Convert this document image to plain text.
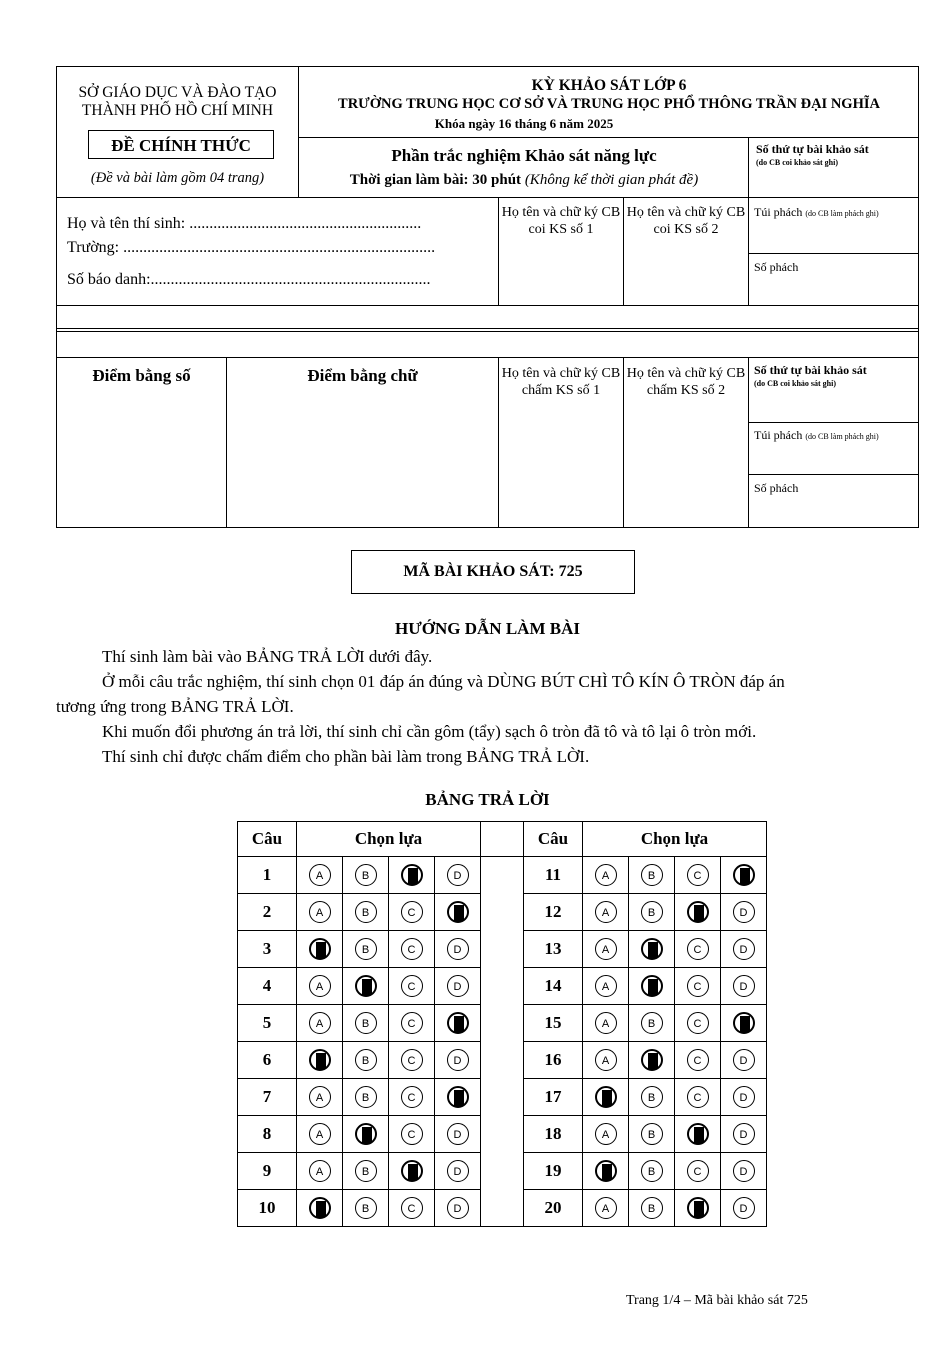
SỞ GIÁO DỤC VÀ ĐÀO TẠO
THÀNH PHỐ HỒ CHÍ MINH
ĐỀ CHÍNH THỨC
(Đề và bài làm gồm 04 trang)
KỲ KHẢO SÁT LỚP 6
TRƯỜNG TRUNG HỌC CƠ SỞ VÀ TRUNG HỌC PHỔ THÔNG TRẦN ĐẠI NGHĨA
Khóa ngày 16 tháng 6 năm 2025
Phần trắc nghiệm Khảo sát năng lực
Thời gian làm bài: 30 phút (Không kể thời gian phát đề)
Số thứ tự bài khảo sát
(do CB coi khảo sát ghi)
Họ và tên thí sinh: ..........................................................
Trường: ..............................................................................
Số báo danh:......................................................................
Họ tên và chữ ký CB coi KS số 1
Họ tên và chữ ký CB coi KS số 2
Túi phách (do CB làm phách ghi)
Số phách
Điểm bằng số	Điểm bằng chữ	Họ tên và chữ ký CB chấm KS số 1
Họ tên và chữ ký CB chấm KS số 2
Số thứ tự bài khảo sát
(do CB coi khảo sát ghi)
Túi phách (do CB làm phách ghi)
Số phách
MÃ BÀI KHẢO SÁT: 725
HƯỚNG DẪN LÀM BÀI
Thí sinh làm bài vào BẢNG TRẢ LỜI dưới đây.
Ở mỗi câu trắc nghiệm, thí sinh chọn 01 đáp án đúng và DÙNG BÚT CHÌ TÔ KÍN Ô TRÒN đáp án
tương ứng trong BẢNG TRẢ LỜI.
Khi muốn đổi phương án trả lời, thí sinh chỉ cần gôm (tẩy) sạch ô tròn đã tô và tô lại ô tròn mới.
Thí sinh chỉ được chấm điểm cho phần bài làm trong BẢNG TRẢ LỜI.
BẢNG TRẢ LỜI
Câu	Chọn lựa					Câu	Chọn lựa			
1	A	B		D		11	A	B	C	
2	A	B	C			12	A	B		D
3		B	C	D		13	A		C	D
4	A		C	D		14	A		C	D
5	A	B	C			15	A	B	C	
6		B	C	D		16	A		C	D
7	A	B	C			17		B	C	D
8	A		C	D		18	A	B		D
9	A	B		D		19		B	C	D
10		B	C	D		20	A	B		D
Trang 1/4 – Mã bài khảo sát 725
